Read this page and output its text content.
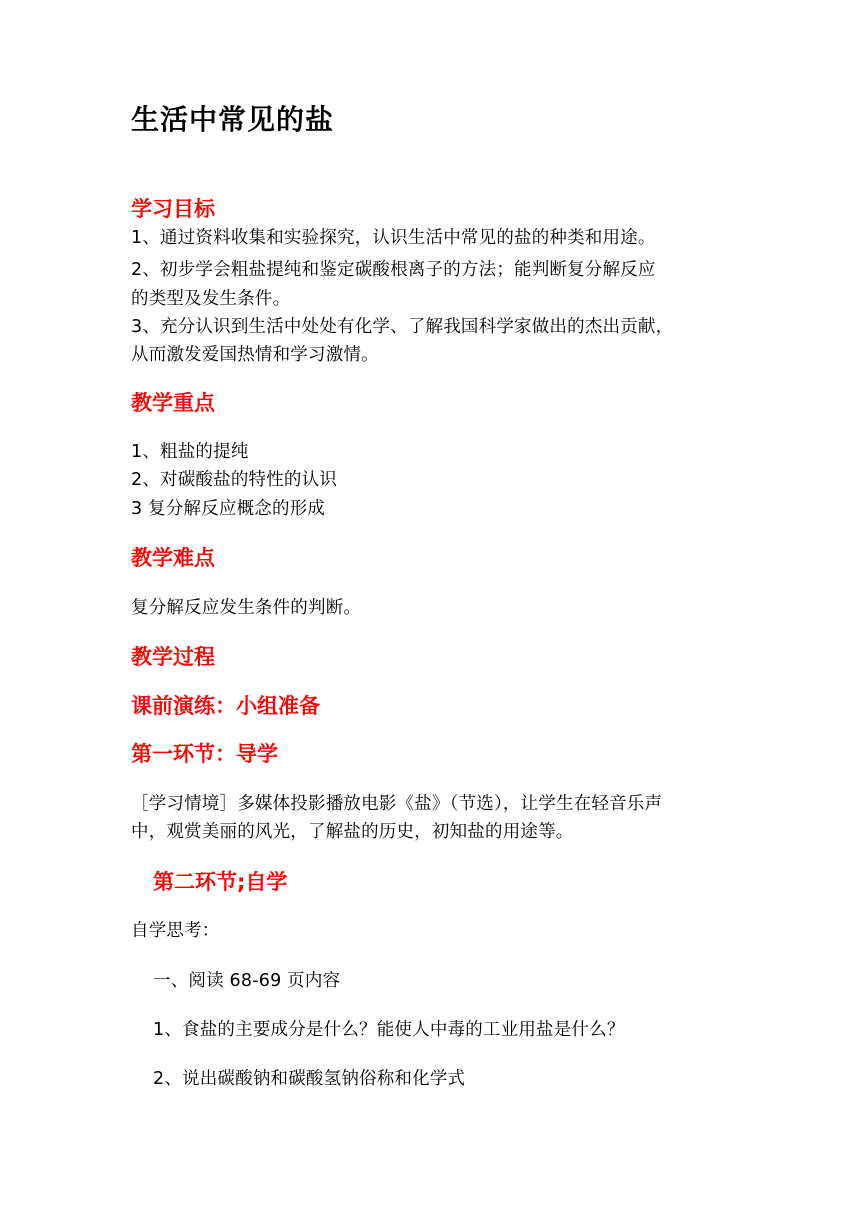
生活中常见的盐
学习目标
1、通过资料收集和实验探究，认识生活中常见的盐的种类和用途。
2、初步学会粗盐提纯和鉴定碳酸根离子的方法；能判断复分解反应
的类型及发生条件。
3、充分认识到生活中处处有化学、了解我国科学家做出的杰出贡献，
从而激发爱国热情和学习激情。
教学重点
1、粗盐的提纯
2、对碳酸盐的特性的认识
3 复分解反应概念的形成
教学难点
复分解反应发生条件的判断。
教学过程
课前演练：小组准备
第一环节：导学
［学习情境］多媒体投影播放电影《盐》（节选），让学生在轻音乐声
中，观赏美丽的风光，了解盐的历史，初知盐的用途等。
第二环节;自学
自学思考：
一、阅读 68-69 页内容
1、食盐的主要成分是什么？能使人中毒的工业用盐是什么？
2、说出碳酸钠和碳酸氢钠俗称和化学式
